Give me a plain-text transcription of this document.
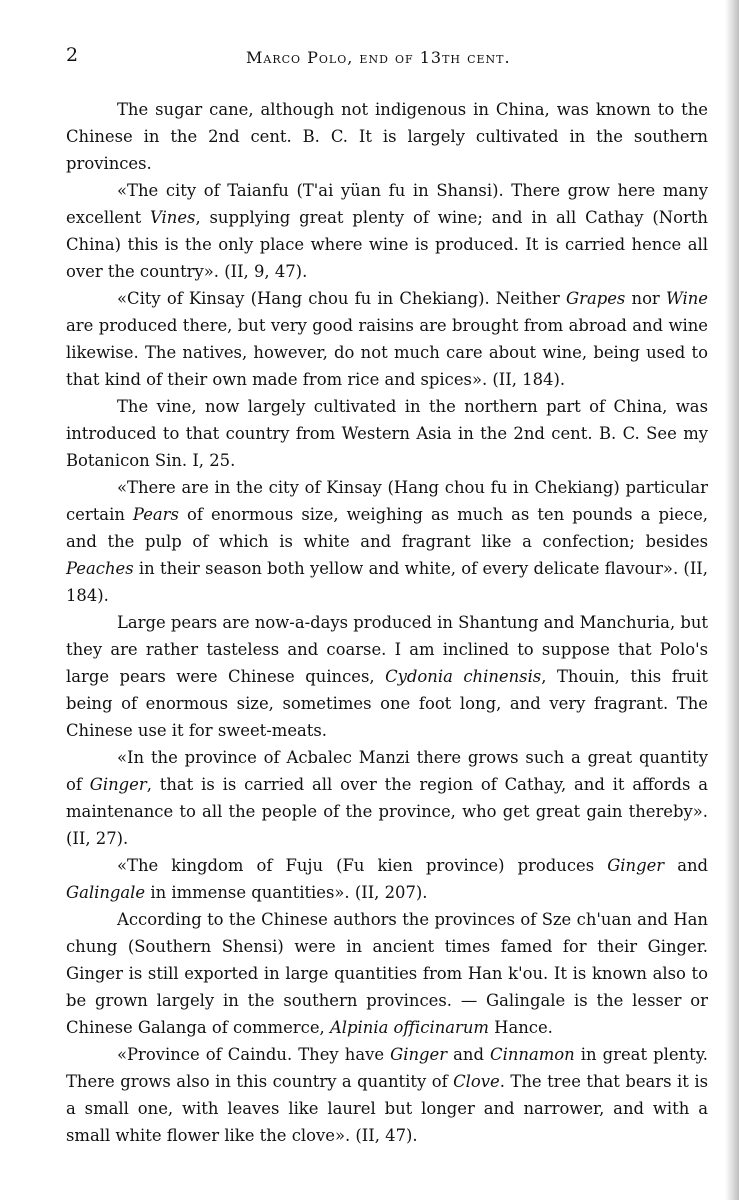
2	Marco Polo, end of 13th cent.

The sugar cane, although not indigenous in China, was known to the Chinese in the 2nd cent. B. C. It is largely cultivated in the southern provinces.

«The city of Taianfu (T'ai yüan fu in Shansi). There grow here many excellent Vines, supplying great plenty of wine; and in all Cathay (North China) this is the only place where wine is produced. It is carried hence all over the country». (II, 9, 47).

«City of Kinsay (Hang chou fu in Chekiang). Neither Grapes nor Wine are produced there, but very good raisins are brought from abroad and wine likewise. The natives, however, do not much care about wine, being used to that kind of their own made from rice and spices». (II, 184).

The vine, now largely cultivated in the northern part of China, was introduced to that country from Western Asia in the 2nd cent. B. C. See my Botanicon Sin. I, 25.

«There are in the city of Kinsay (Hang chou fu in Chekiang) particular certain Pears of enormous size, weighing as much as ten pounds a piece, and the pulp of which is white and fragrant like a confection; besides Peaches in their season both yellow and white, of every delicate flavour». (II, 184).

Large pears are now-a-days produced in Shantung and Manchuria, but they are rather tasteless and coarse. I am inclined to suppose that Polo's large pears were Chinese quinces, Cydonia chinensis, Thouin, this fruit being of enormous size, sometimes one foot long, and very fragrant. The Chinese use it for sweet-meats.

«In the province of Acbalec Manzi there grows such a great quantity of Ginger, that is is carried all over the region of Cathay, and it affords a maintenance to all the people of the province, who get great gain thereby». (II, 27).

«The kingdom of Fuju (Fu kien province) produces Ginger and Galingale in immense quantities». (II, 207).

According to the Chinese authors the provinces of Sze ch'uan and Han chung (Southern Shensi) were in ancient times famed for their Ginger. Ginger is still exported in large quantities from Han k'ou. It is known also to be grown largely in the southern provinces. — Galingale is the lesser or Chinese Galanga of commerce, Alpinia officinarum Hance.

«Province of Caindu. They have Ginger and Cinnamon in great plenty. There grows also in this country a quantity of Clove. The tree that bears it is a small one, with leaves like laurel but longer and narrower, and with a small white flower like the clove». (II, 47).
